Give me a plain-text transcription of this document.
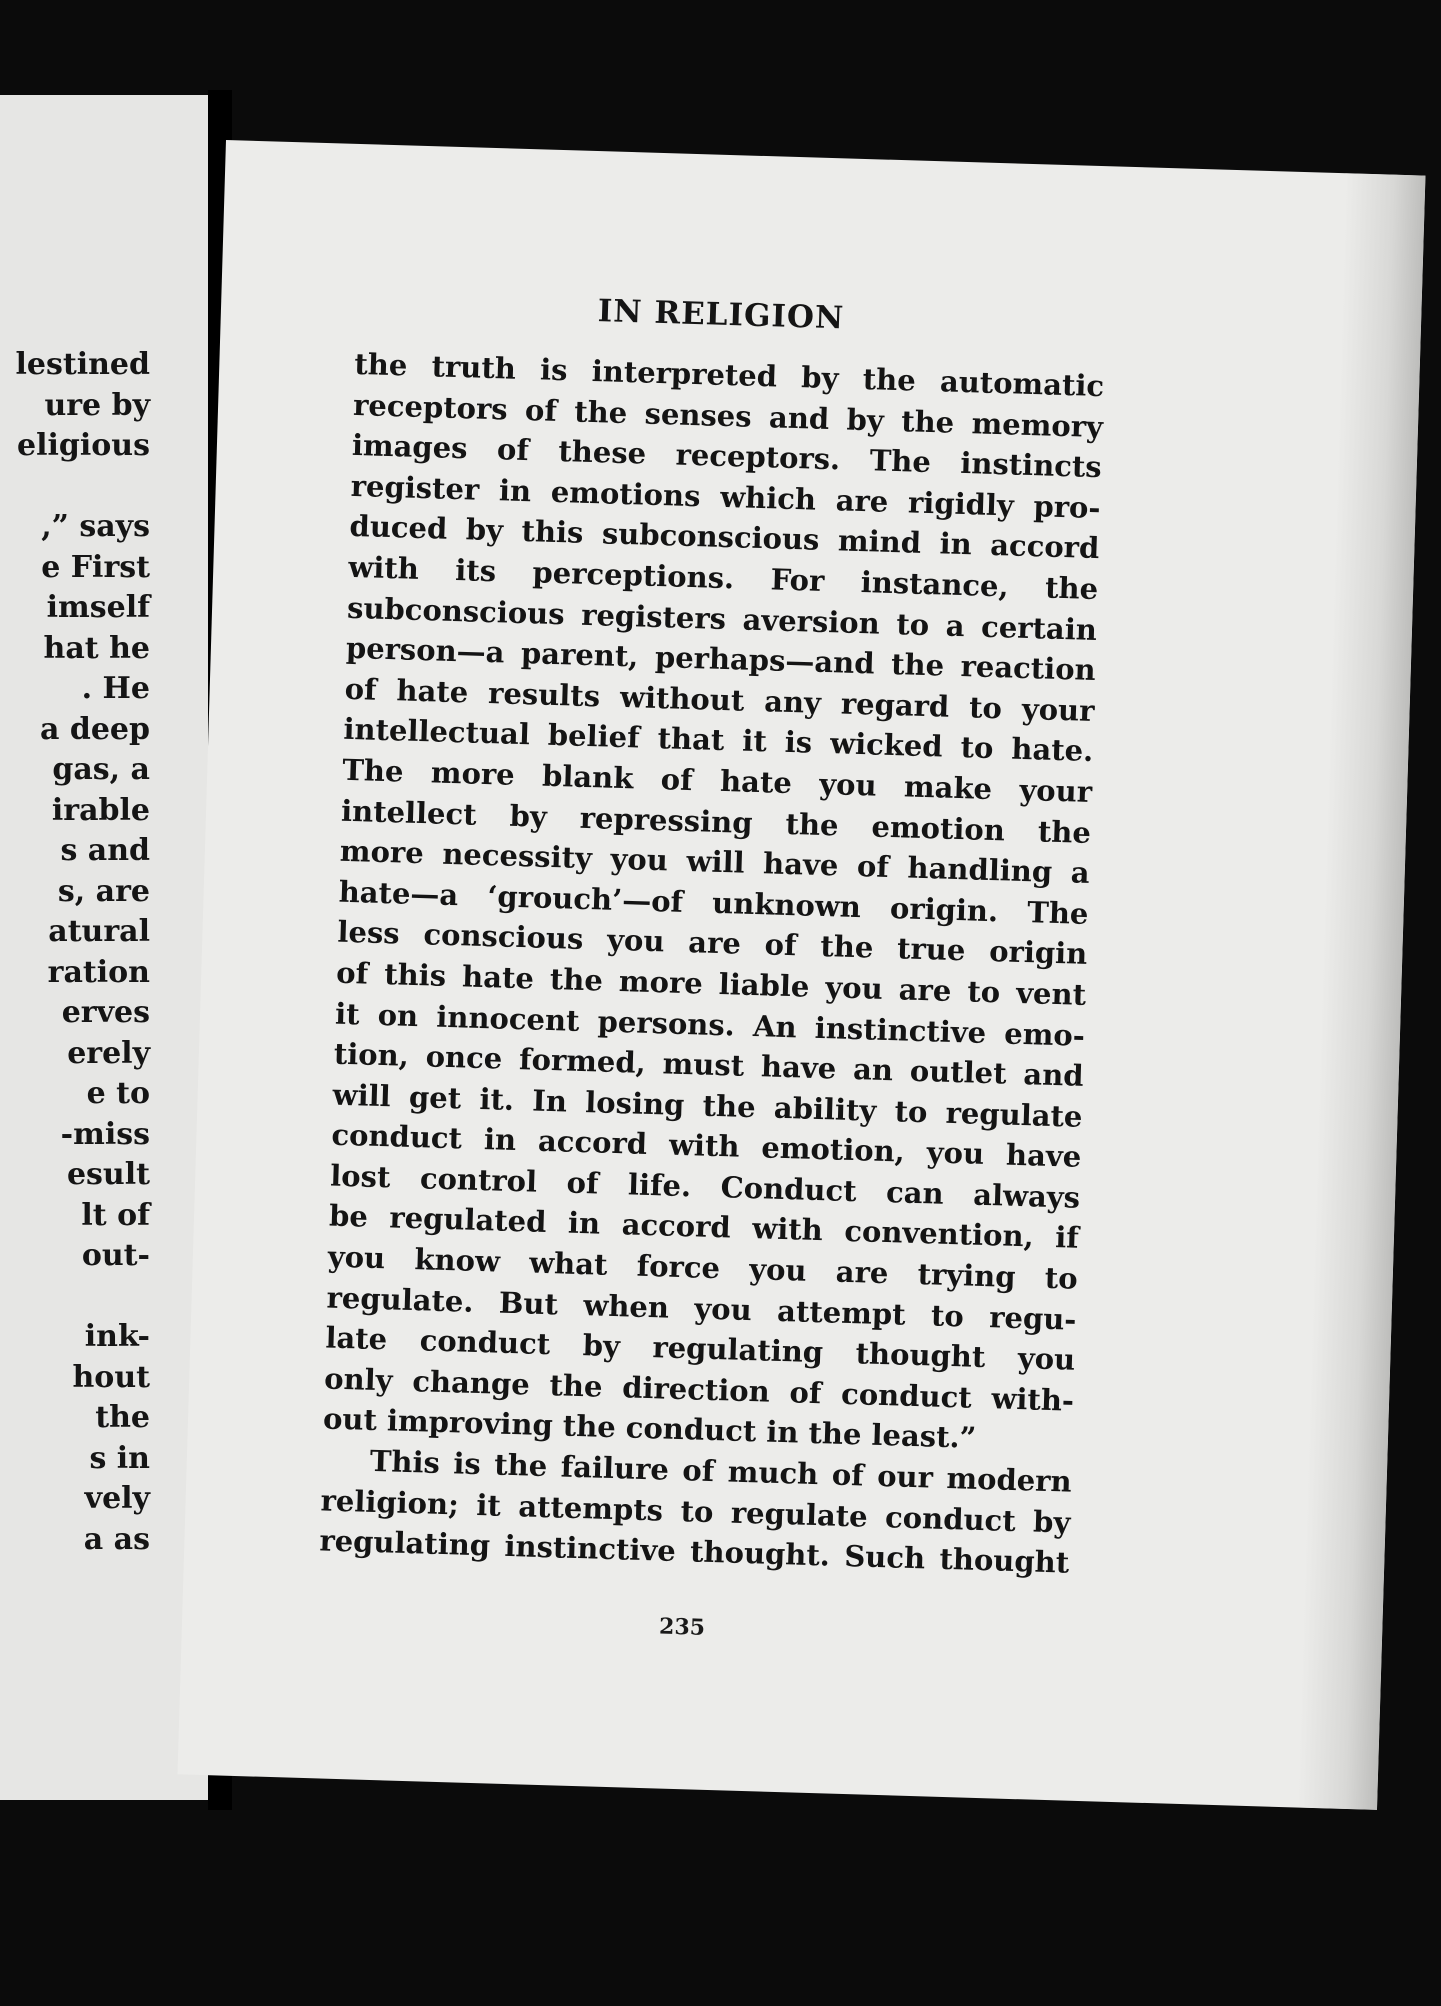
lestined
ure by
eligious
,” says
e First
imself
hat he
. He
a deep
gas, a
irable
s and
s, are
atural
ration
erves
erely
e to
-miss
esult
lt of
out-
ink-
hout
the
s in
vely
a as
IN RELIGION
the truth is interpreted by the automatic
receptors of the senses and by the memory
images of these receptors. The instincts
register in emotions which are rigidly pro-
duced by this subconscious mind in accord
with its perceptions. For instance, the
subconscious registers aversion to a certain
person—a parent, perhaps—and the reaction
of hate results without any regard to your
intellectual belief that it is wicked to hate.
The more blank of hate you make your
intellect by repressing the emotion the
more necessity you will have of handling a
hate—a ‘grouch’—of unknown origin. The
less conscious you are of the true origin
of this hate the more liable you are to vent
it on innocent persons. An instinctive emo-
tion, once formed, must have an outlet and
will get it. In losing the ability to regulate
conduct in accord with emotion, you have
lost control of life. Conduct can always
be regulated in accord with convention, if
you know what force you are trying to
regulate. But when you attempt to regu-
late conduct by regulating thought you
only change the direction of conduct with-
out improving the conduct in the least.”
This is the failure of much of our modern
religion; it attempts to regulate conduct by
regulating instinctive thought. Such thought
235
